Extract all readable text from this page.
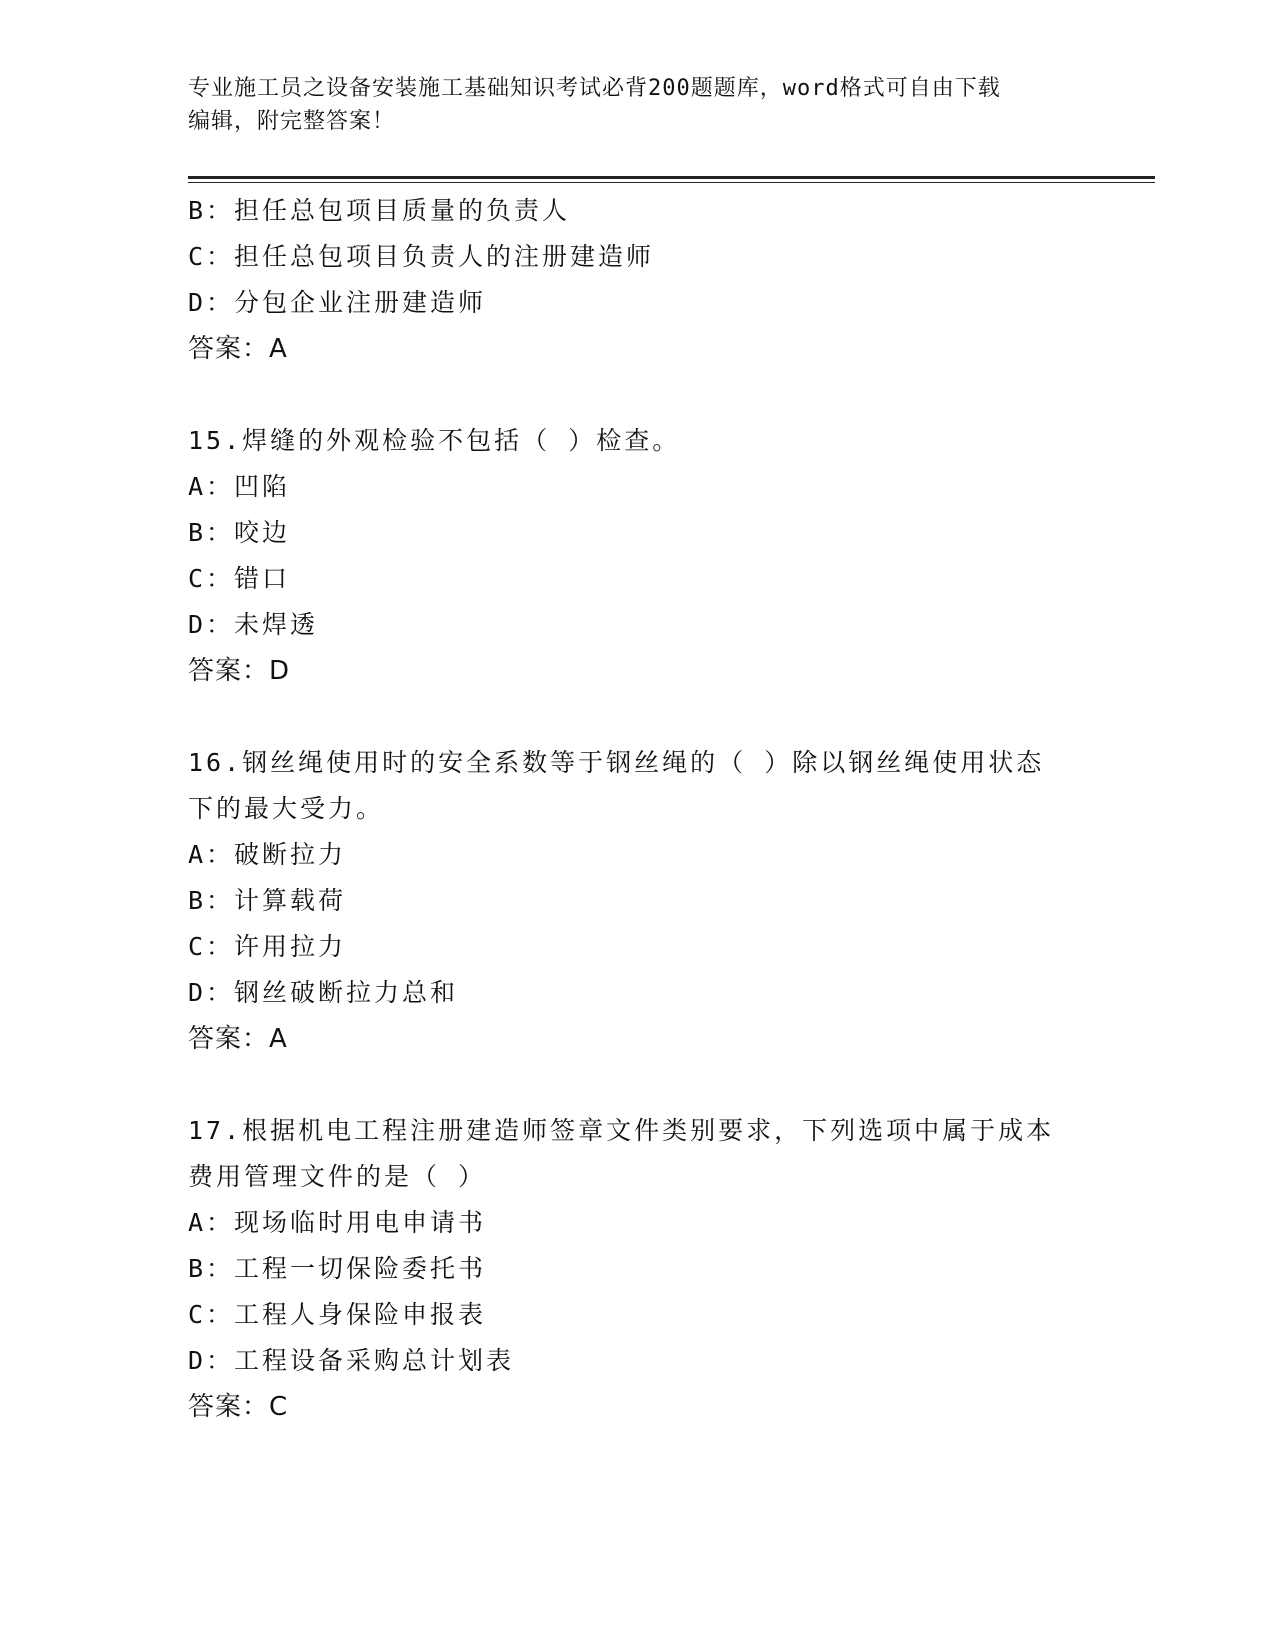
专业施工员之设备安装施工基础知识考试必背200题题库，word格式可自由下载
编辑，附完整答案！
B：担任总包项目质量的负责人
C：担任总包项目负责人的注册建造师
D：分包企业注册建造师
答案：A
15.焊缝的外观检验不包括（ ）检查。
A：凹陷
B：咬边
C：错口
D：未焊透
答案：D
16.钢丝绳使用时的安全系数等于钢丝绳的（ ）除以钢丝绳使用状态
下的最大受力。
A：破断拉力
B：计算载荷
C：许用拉力
D：钢丝破断拉力总和
答案：A
17.根据机电工程注册建造师签章文件类别要求，下列选项中属于成本
费用管理文件的是（ ）
A：现场临时用电申请书
B：工程一切保险委托书
C：工程人身保险申报表
D：工程设备采购总计划表
答案：C
